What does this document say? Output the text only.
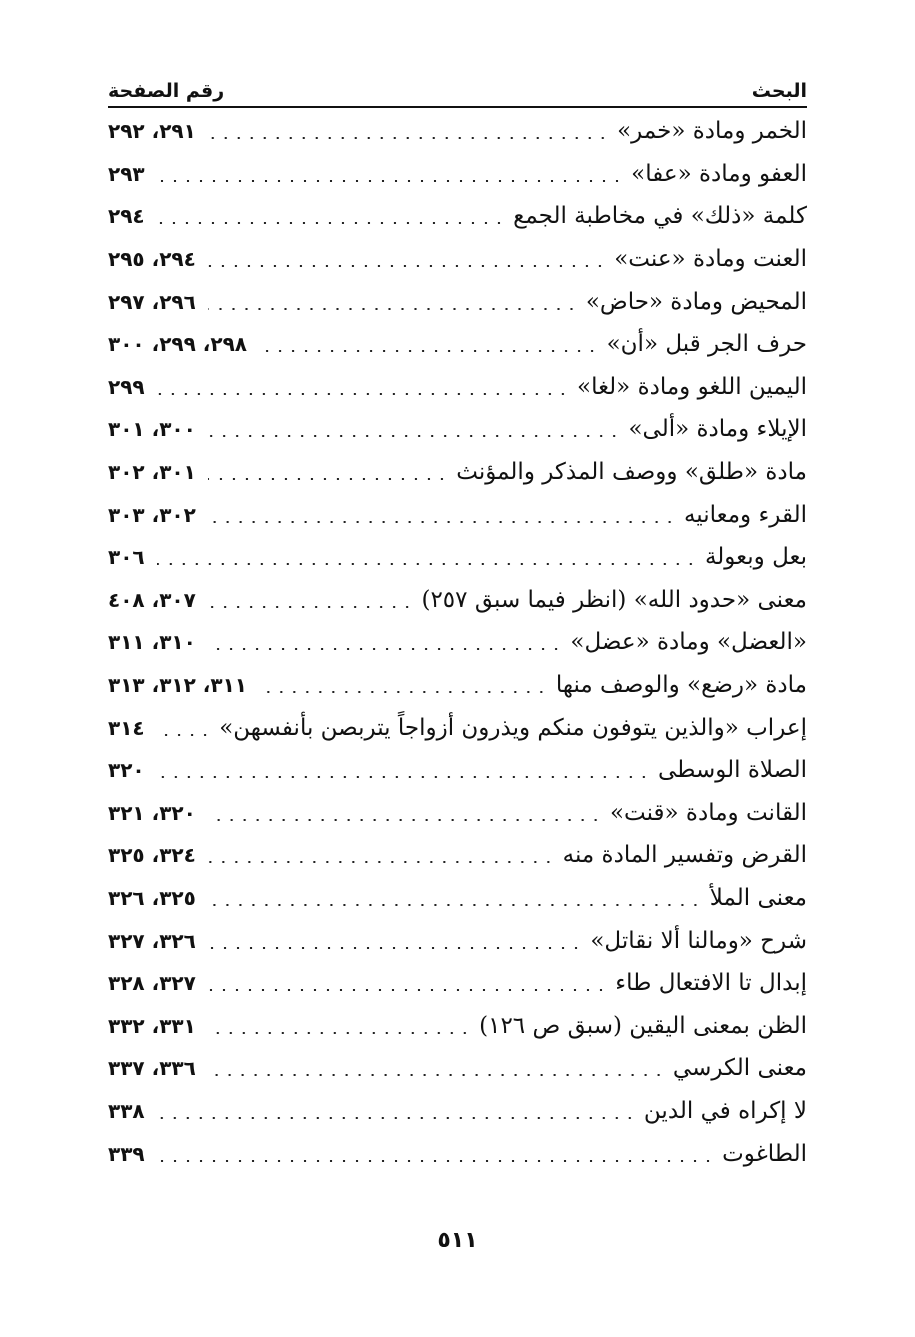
البحث
رقم الصفحة
الخمر ومادة «خمر»
٢٩١، ٢٩٢
العفو ومادة «عفا»
٢٩٣
كلمة «ذلك» في مخاطبة الجمع
٢٩٤
العنت ومادة «عنت»
٢٩٤، ٢٩٥
المحيض ومادة «حاض»
٢٩٦، ٢٩٧
حرف الجر قبل «أن»
٢٩٨، ٢٩٩، ٣٠٠
اليمين اللغو ومادة «لغا»
٢٩٩
الإيلاء ومادة «ألى»
٣٠٠، ٣٠١
مادة «طلق» ووصف المذكر والمؤنث
٣٠١، ٣٠٢
القرء ومعانيه
٣٠٢، ٣٠٣
بعل وبعولة
٣٠٦
معنى «حدود الله» (انظر فيما سبق ٢٥٧)
٣٠٧، ٤٠٨
«العضل» ومادة «عضل»
٣١٠، ٣١١
مادة «رضع» والوصف منها
٣١١، ٣١٢، ٣١٣
إعراب «والذين يتوفون منكم ويذرون أزواجاً يتربصن بأنفسهن»
٣١٤
الصلاة الوسطى
٣٢٠
القانت ومادة «قنت»
٣٢٠، ٣٢١
القرض وتفسير المادة منه
٣٢٤، ٣٢٥
معنى الملأ
٣٢٥، ٣٢٦
شرح «ومالنا ألا نقاتل»
٣٢٦، ٣٢٧
إبدال تا الافتعال طاء
٣٢٧، ٣٢٨
الظن بمعنى اليقين (سبق ص ١٢٦)
٣٣١، ٣٣٢
معنى الكرسي
٣٣٦، ٣٣٧
لا إكراه في الدين
٣٣٨
الطاغوت
٣٣٩
٥١١
